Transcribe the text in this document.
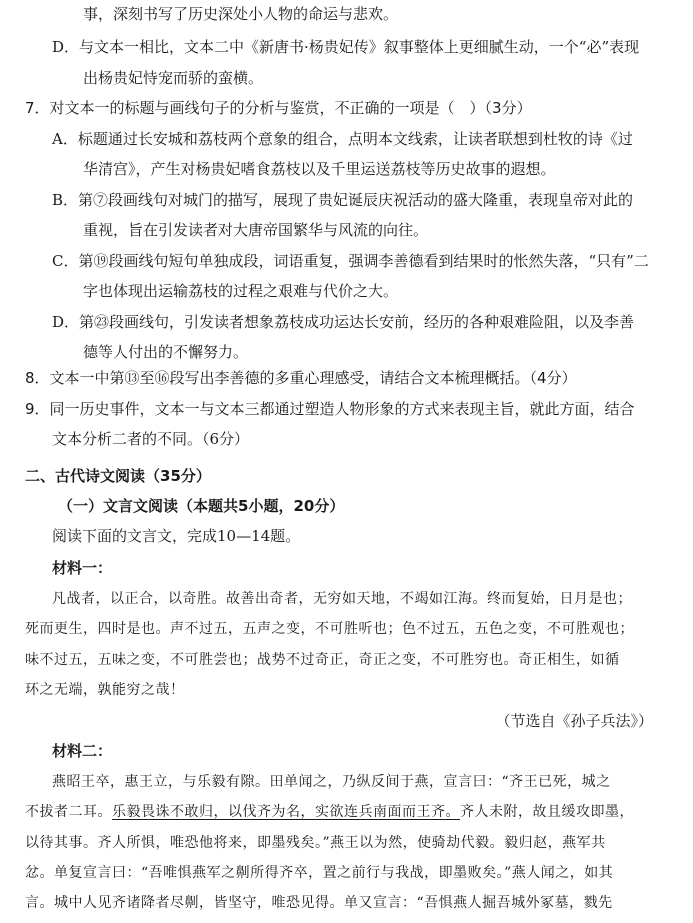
事，深刻书写了历史深处小人物的命运与悲欢。
D．与文本一相比，文本二中《新唐书·杨贵妃传》叙事整体上更细腻生动，一个“必”表现
出杨贵妃恃宠而骄的蛮横。
7．对文本一的标题与画线句子的分析与鉴赏，不正确的一项是（　）（3分）
A．标题通过长安城和荔枝两个意象的组合，点明本文线索，让读者联想到杜牧的诗《过
华清宫》，产生对杨贵妃嗜食荔枝以及千里运送荔枝等历史故事的遐想。
B．第⑦段画线句对城门的描写，展现了贵妃诞辰庆祝活动的盛大隆重，表现皇帝对此的
重视，旨在引发读者对大唐帝国繁华与风流的向往。
C．第⑲段画线句短句单独成段，词语重复，强调李善德看到结果时的怅然失落，“只有”二
字也体现出运输荔枝的过程之艰难与代价之大。
D．第㉓段画线句，引发读者想象荔枝成功运达长安前，经历的各种艰难险阻，以及李善
德等人付出的不懈努力。
8．文本一中第⑬至⑯段写出李善德的多重心理感受，请结合文本梳理概括。（4分）
9．同一历史事件，文本一与文本三都通过塑造人物形象的方式来表现主旨，就此方面，结合
文本分析二者的不同。（6分）
二、古代诗文阅读（35分）
（一）文言文阅读（本题共5小题，20分）
阅读下面的文言文，完成10—14题。
材料一：
凡战者，以正合，以奇胜。故善出奇者，无穷如天地，不竭如江海。终而复始，日月是也；
死而更生，四时是也。声不过五，五声之变，不可胜听也；色不过五，五色之变，不可胜观也；
味不过五，五味之变，不可胜尝也；战势不过奇正，奇正之变，不可胜穷也。奇正相生，如循
环之无端，孰能穷之哉！
（节选自《孙子兵法》）
材料二：
燕昭王卒，惠王立，与乐毅有隙。田单闻之，乃纵反间于燕，宣言曰：“齐王已死，城之
不拔者二耳。乐毅畏诛不敢归，以伐齐为名，实欲连兵南面而王齐。齐人未附，故且缓攻即墨，
以待其事。齐人所惧，唯恐他将来，即墨残矣。”燕王以为然，使骑劫代毅。毅归赵，燕军共
忿。单复宣言曰：“吾唯惧燕军之劓所得齐卒，置之前行与我战，即墨败矣。”燕人闻之，如其
言。城中人见齐诸降者尽劓，皆坚守，唯恐见得。单又宣言：“吾惧燕人掘吾城外冢墓，戮先
